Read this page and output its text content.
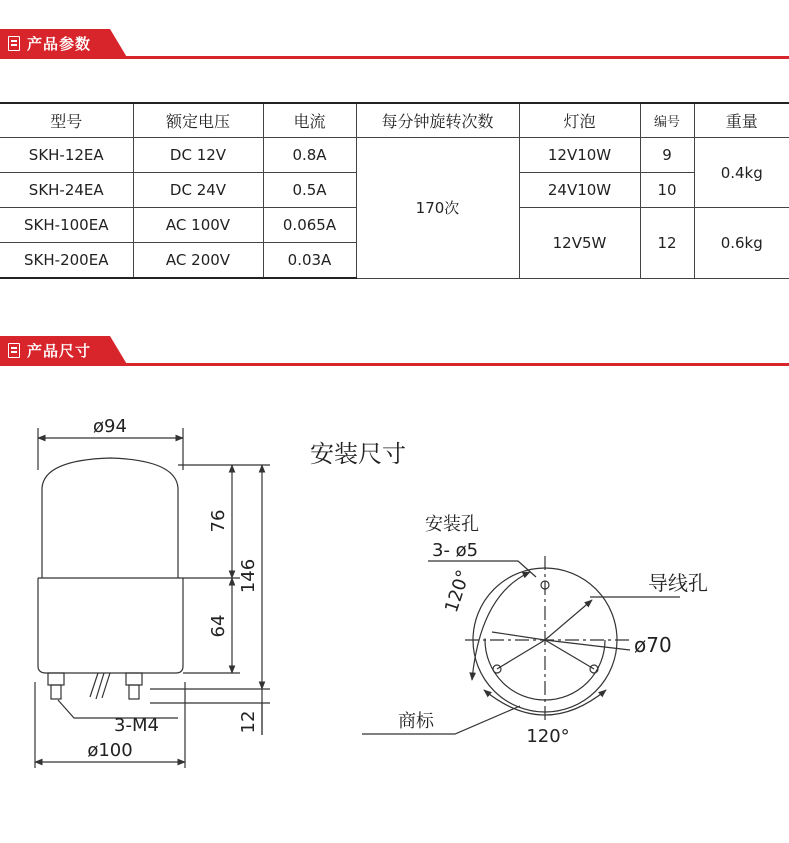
产品参数
型号	额定电压	电流	每分钟旋转次数	灯泡	编号	重量
SKH-12EA	DC 12V	0.8A	170次	12V10W	9	0.4kg
SKH-24EA	DC 24V	0.5A		24V10W	10	
SKH-100EA	AC 100V	0.065A		12V5W	12	0.6kg
SKH-200EA	AC 200V	0.03A				
产品尺寸
ø94
ø100
76
64
146
12
3-M4
安装尺寸
安装孔
3- ø5
120°	导线孔
ø70
商标
120°
